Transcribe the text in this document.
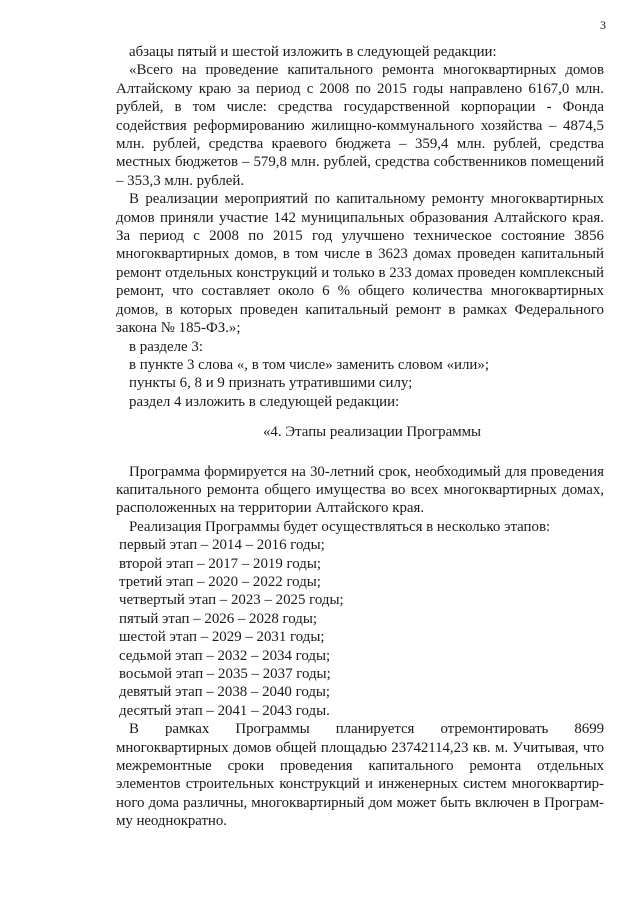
3

абзацы пятый и шестой изложить в следующей редакции:

«Всего на проведение капитального ремонта многоквартирных домов Алтайскому краю за период с 2008 по 2015 годы направлено 6167,0 млн. рублей, в том числе: средства государственной корпорации - Фонда содействия реформированию жилищно-коммунального хозяйства – 4874,5 млн. рублей, средства краевого бюджета – 359,4 млн. рублей, средства местных бюджетов – 579,8 млн. рублей, средства собственников помещений – 353,3 млн. рублей.

В реализации мероприятий по капитальному ремонту многоквартирных домов приняли участие 142 муниципальных образования Алтайского края. За период с 2008 по 2015 год улучшено техническое состояние 3856 многоквартирных домов, в том числе в 3623 домах проведен капитальный ремонт отдельных конструкций и только в 233 домах проведен комплексный ремонт, что составляет около 6 % общего количества многоквартирных домов, в которых проведен капитальный ремонт в рамках Федерального закона № 185-ФЗ.»;

в разделе 3:

в пункте 3 слова «, в том числе» заменить словом «или»;

пункты 6, 8 и 9 признать утратившими силу;

раздел 4 изложить в следующей редакции:

«4. Этапы реализации Программы

Программа формируется на 30-летний срок, необходимый для проведения капитального ремонта общего имущества во всех многоквартирных домах, расположенных на территории Алтайского края.

Реализация Программы будет осуществляться в несколько этапов:

первый этап – 2014 – 2016 годы;

второй этап – 2017 – 2019 годы;

третий этап – 2020 – 2022 годы;

четвертый этап – 2023 – 2025 годы;

пятый этап – 2026 – 2028 годы;

шестой этап – 2029 – 2031 годы;

седьмой этап – 2032 – 2034 годы;

восьмой этап – 2035 – 2037 годы;

девятый этап – 2038 – 2040 годы;

десятый этап – 2041 – 2043 годы.

В рамках Программы планируется отремонтировать 8699 многоквартирных домов общей площадью 23742114,23 кв. м. Учитывая, что межремонтные сроки проведения капитального ремонта отдельных элементов строительных конструкций и инженерных систем многоквартирного дома различны, многоквартирный дом может быть включен в Программу неоднократно.
